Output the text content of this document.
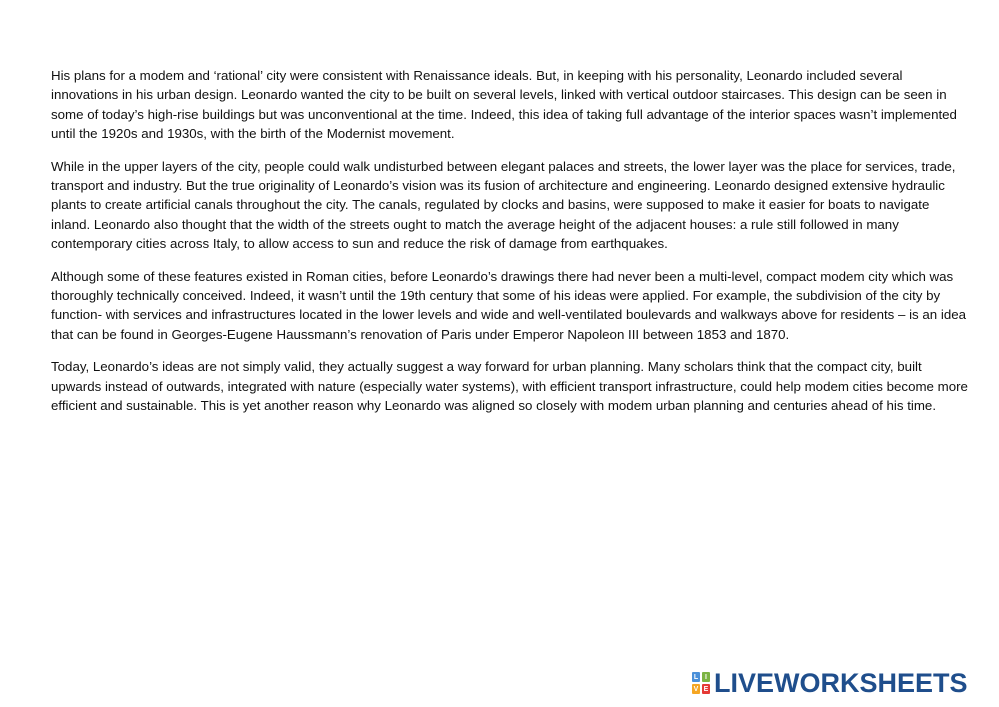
His plans for a modem and ‘rational’ city were consistent with Renaissance ideals. But, in keeping with his personality, Leonardo included several innovations in his urban design. Leonardo wanted the city to be built on several levels, linked with vertical outdoor staircases. This design can be seen in some of today’s high-rise buildings but was unconventional at the time. Indeed, this idea of taking full advantage of the interior spaces wasn’t implemented until the 1920s and 1930s, with the birth of the Modernist movement.

While in the upper layers of the city, people could walk undisturbed between elegant palaces and streets, the lower layer was the place for services, trade, transport and industry. But the true originality of Leonardo’s vision was its fusion of architecture and engineering. Leonardo designed extensive hydraulic plants to create artificial canals throughout the city. The canals, regulated by clocks and basins, were supposed to make it easier for boats to navigate inland. Leonardo also thought that the width of the streets ought to match the average height of the adjacent houses: a rule still followed in many contemporary cities across Italy, to allow access to sun and reduce the risk of damage from earthquakes.

Although some of these features existed in Roman cities, before Leonardo’s drawings there had never been a multi-level, compact modem city which was thoroughly technically conceived. Indeed, it wasn’t until the 19th century that some of his ideas were applied. For example, the subdivision of the city by function- with services and infrastructures located in the lower levels and wide and well-ventilated boulevards and walkways above for residents – is an idea that can be found in Georges-Eugene Haussmann’s renovation of Paris under Emperor Napoleon III between 1853 and 1870.

Today, Leonardo’s ideas are not simply valid, they actually suggest a way forward for urban planning. Many scholars think that the compact city, built upwards instead of outwards, integrated with nature (especially water systems), with efficient transport infrastructure, could help modem cities become more efficient and sustainable. This is yet another reason why Leonardo was aligned so closely with modem urban planning and centuries ahead of his time.

L I
V E LIVEWORKSHEETS
